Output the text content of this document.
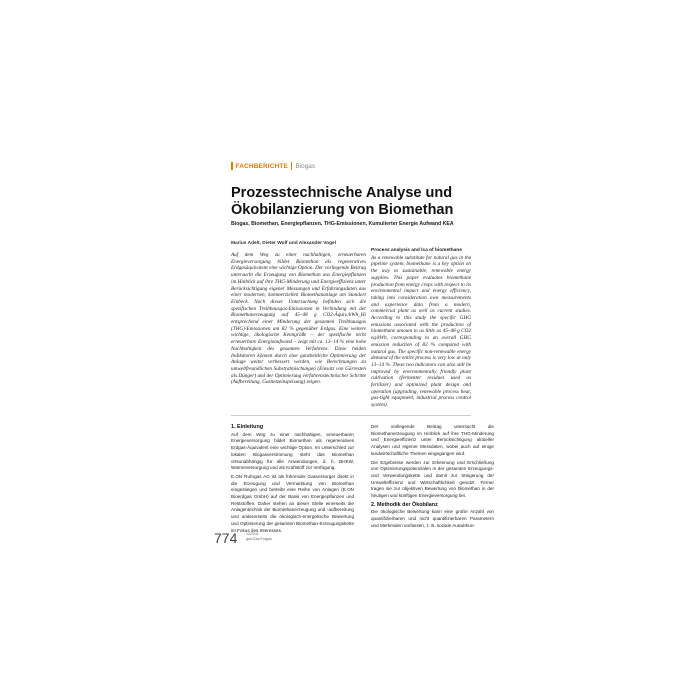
FACHBERICHTE Biogas
Prozesstechnische Analyse und Ökobilanzierung von Biomethan
Biogas, Biomethan, Energiepflanzen, THG-Emissionen, Kumulierter Energie Aufwand KEA
Marius Adelt, Dieter Wolf und Alexander Vogel
Auf dem Weg zu einer nachhaltigen, erneuerbaren Energieversorgung bildet Biomethan als regeneratives Erdgasäquivalent eine wichtige Option. Der vorliegende Beitrag untersucht die Erzeugung von Biomethan aus Energiepflanzen im Hinblick auf ihre THG-Minderung und Energieeffizienz unter Berücksichtigung eigener Messungen und Erfahrungsdaten aus einer modernen, kommerziellen Biomethananlage am Standort Einbeck. Nach dieser Untersuchung befinden sich die spezifischen Treibhausgas-Emissionen in Verbindung mit der Biomethanerzeugung auf 45–48 g CO2-Äquiv./kWh_Hi entsprechend einer Minderung der gesamten Treibhausgas (THG)-Emissionen um 82 % gegenüber Erdgas. Eine weitere wichtige, ökologische Kenngröße – der spezifische nicht erneuerbare Energieaufwand – zeigt mit ca. 13–14 % eine hohe Nachhaltigkeit des gesamten Verfahrens. Diese beiden Indikatoren können durch eine ganzheitliche Optimierung der Anlage weiter verbessert werden, wie Berechnungen zu umweltfreundlichen Substratmischungen (Einsatz von Gärresten als Dünger) und der Optimierung verfahrenstechnischer Schritte (Aufbereitung, Gasnetzeinspeisung) zeigen.
Process analysis and lca of biomethane
As a renewable substitute for natural gas in the pipeline system, biomethane is a key option on the way to sustainable, renewable energy supplies. This paper evaluates biomethane production from energy crops with respect to its environmental impact and energy efficiency, taking into consideration own measurements and experience data from a modern, commercial plant as well as current studies. According to this study the specific GHG emissions associated with the production of biomethane amount to as little as 45–48 g CO2 eq/kWh, corresponding to an overall GHG emission reduction of 82 % compared with natural gas. The specific non-renewable energy demand of the entire process is very low at only 13–14 %. These two indicators can also still be improved by environmentally friendly plant cultivation (fermenter residues used as fertilizer) and optimized plant design and operation (upgrading, renewable process heat, gas-tight equipment, industrial process control system).
1. Einleitung

Auf dem Weg zu einer nachhaltigen, erneuerbaren Energieversorgung bildet Biomethan als regeneratives Erdgas-Äquivalent eine wichtige Option. Im Unterschied zur lokalen Biogasverstromung steht das Biomethan ortsunabhängig für alle Anwendungen, d. h. BHKW, Wärmeversorgung und als Kraftstoff zur Verfügung.

E.ON Ruhrgas AG ist als führender Gasversorger direkt in die Erzeugung und Vermarktung von Biomethan eingestiegen und betreibt eine Reihe von Anlagen (E.ON Bioerdgas GmbH) auf der Basis von Energiepflanzen und Reststoffen. Daher stehen an dieser Stelle einerseits die Anlagentechnik der Biomethanerzeugung und -aufbereitung und andererseits die ökologisch-energetische Bewertung und Optimierung der gesamten Biomethan-Erzeugungskette im Fokus des Interesses.

Der vorliegende Beitrag untersucht die Biomethanerzeugung im Hinblick auf ihre THG-Minderung und Energieeffizienz unter Berücksichtigung aktueller Analysen und eigener Messdaten, wobei auch auf einige landwirtschaftliche Themen eingegangen wird.

Die Ergebnisse werden zur Erkennung und Erschließung von Optimierungspotenzialen in der gesamten Erzeugungs- und Verwendungskette und damit zur Steigerung der Umwelteffizienz und Wirtschaftlichkeit genutzt. Ferner tragen sie zur objektiven Bewertung von Biomethan in der heutigen und künftigen Energieversorgung bei.

2. Methodik der Ökobilanz

Die ökologische Bewertung kann eine große Anzahl von quantifizierbaren und nicht quantifizierbaren Parametern und Merkmalen umfassen, z. B. soziale Auswirkun-

774 12/2011
gwf-Gas Erdgas
